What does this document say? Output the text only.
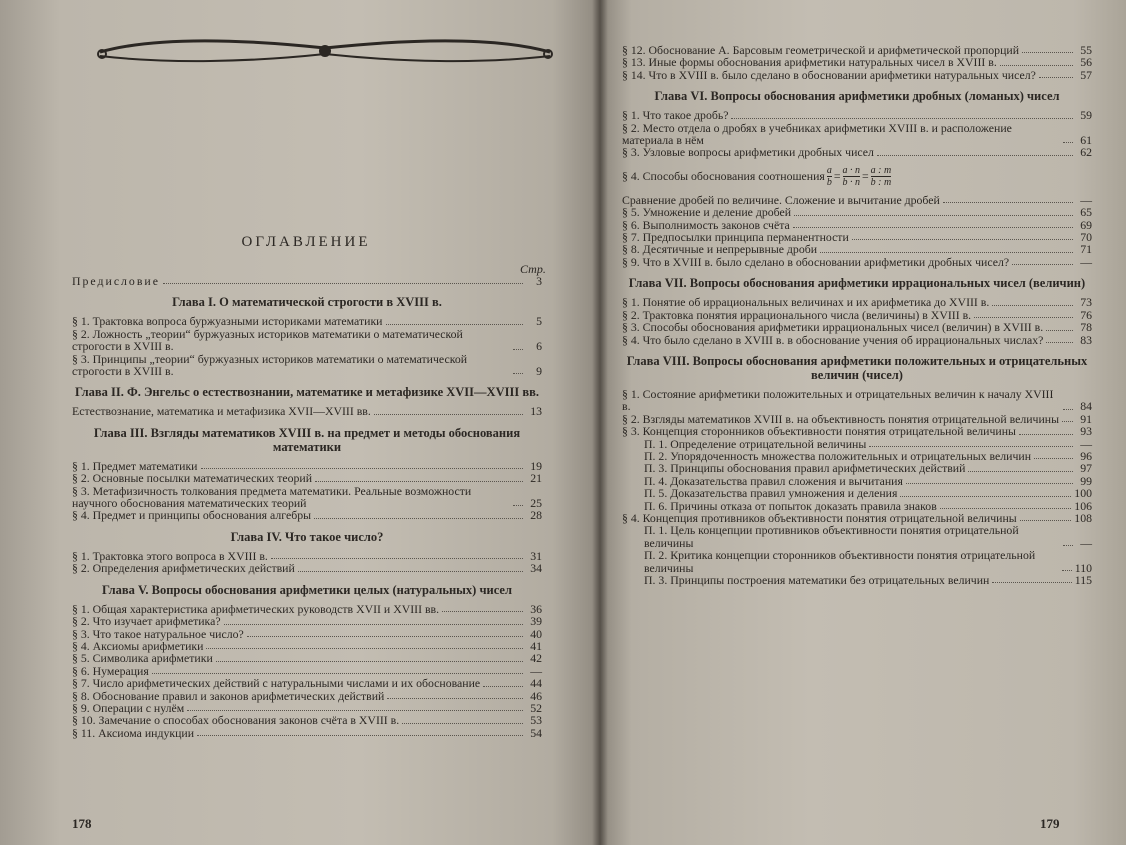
ОГЛАВЛЕНИЕ
Стр.
Предисловие	3
Глава I. О математической строгости в XVIII в.
§ 1. Трактовка вопроса буржуазными историками математики	5
§ 2. Ложность „теории“ буржуазных историков математики о математической строгости в XVIII в.	6
§ 3. Принципы „теории“ буржуазных историков математики о математической строгости в XVIII в.	9
Глава II. Ф. Энгельс о естествознании, математике и метафизике XVII—XVIII вв.
Естествознание, математика и метафизика XVII—XVIII вв.	13
Глава III. Взгляды математиков XVIII в. на предмет и методы обоснования математики
§ 1. Предмет математики	19
§ 2. Основные посылки математических теорий	21
§ 3. Метафизичность толкования предмета математики. Реальные возможности научного обоснования математических теорий	25
§ 4. Предмет и принципы обоснования алгебры	28
Глава IV. Что такое число?
§ 1. Трактовка этого вопроса в XVIII в.	31
§ 2. Определения арифметических действий	34
Глава V. Вопросы обоснования арифметики целых (натуральных) чисел
§ 1. Общая характеристика арифметических руководств XVII и XVIII вв.	36
§ 2. Что изучает арифметика?	39
§ 3. Что такое натуральное число?	40
§ 4. Аксиомы арифметики	41
§ 5. Символика арифметики	42
§ 6. Нумерация	—
§ 7. Число арифметических действий с натуральными числами и их обоснование	44
§ 8. Обоснование правил и законов арифметических действий	46
§ 9. Операции с нулём	52
§ 10. Замечание о способах обоснования законов счёта в XVIII в.	53
§ 11. Аксиома индукции	54
§ 12. Обоснование А. Барсовым геометрической и арифметической пропорций	55
§ 13. Иные формы обоснования арифметики натуральных чисел в XVIII в.	56
§ 14. Что в XVIII в. было сделано в обосновании арифметики натуральных чисел?	57
Глава VI. Вопросы обоснования арифметики дробных (ломаных) чисел
§ 1. Что такое дробь?	59
§ 2. Место отдела о дробях в учебниках арифметики XVIII в. и расположение материала в нём	61
§ 3. Узловые вопросы арифметики дробных чисел	62
§ 4. Способы обоснования соотношения $\frac{a}{b} = \frac{a \cdot n}{b \cdot n} = \frac{a : m}{b : m}$
Сравнение дробей по величине. Сложение и вычитание дробей	—
§ 5. Умножение и деление дробей	65
§ 6. Выполнимость законов счёта	69
§ 7. Предпосылки принципа перманентности	70
§ 8. Десятичные и непрерывные дроби	71
§ 9. Что в XVIII в. было сделано в обосновании арифметики дробных чисел?	—
Глава VII. Вопросы обоснования арифметики иррациональных чисел (величин)
§ 1. Понятие об иррациональных величинах и их арифметика до XVIII в.	73
§ 2. Трактовка понятия иррационального числа (величины) в XVIII в.	76
§ 3. Способы обоснования арифметики иррациональных чисел (величин) в XVIII в.	78
§ 4. Что было сделано в XVIII в. в обоснование учения об иррациональных числах?	83
Глава VIII. Вопросы обоснования арифметики положительных и отрицательных величин (чисел)
§ 1. Состояние арифметики положительных и отрицательных величин к началу XVIII в.	84
§ 2. Взгляды математиков XVIII в. на объективность понятия отрицательной величины	91
§ 3. Концепция сторонников объективности понятия отрицательной величины	93
П. 1. Определение отрицательной величины	—
П. 2. Упорядоченность множества положительных и отрицательных величин	96
П. 3. Принципы обоснования правил арифметических действий	97
П. 4. Доказательства правил сложения и вычитания	99
П. 5. Доказательства правил умножения и деления	100
П. 6. Причины отказа от попыток доказать правила знаков	106
§ 4. Концепция противников объективности понятия отрицательной величины	108
П. 1. Цель концепции противников объективности понятия отрицательной величины	—
П. 2. Критика концепции сторонников объективности понятия отрицательной величины	110
П. 3. Принципы построения математики без отрицательных величин	115
178	179
